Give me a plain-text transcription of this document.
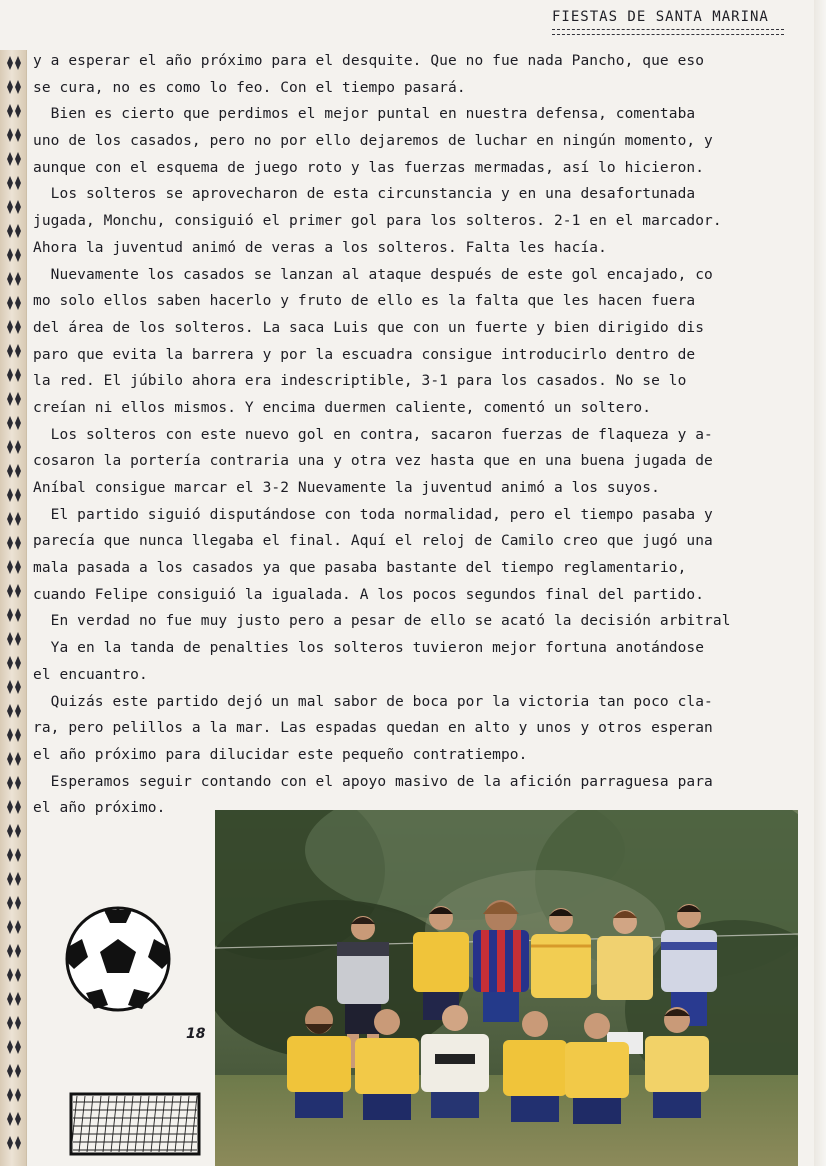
FIESTAS DE SANTA MARINA
y a esperar el año próximo para el desquite. Que no fue nada Pancho, que eso
se cura, no es como lo feo. Con el tiempo pasará.
Bien es cierto que perdimos el mejor puntal en nuestra defensa, comentaba
uno de los casados, pero no por ello dejaremos de luchar en ningún momento, y
aunque con el esquema de juego roto y las fuerzas mermadas, así lo hicieron.
Los solteros se aprovecharon de esta circunstancia y en una desafortunada
jugada, Monchu, consiguió el primer gol para los solteros. 2-1 en el marcador.
Ahora la juventud animó de veras a los solteros. Falta les hacía.
Nuevamente los casados se lanzan al ataque después de este gol encajado, co
mo solo ellos saben hacerlo y fruto de ello es la falta que les hacen fuera
del área de los solteros. La saca Luis que con un fuerte y bien dirigido dis
paro que evita la barrera y por la escuadra consigue introducirlo dentro de
la red. El júbilo ahora era indescriptible, 3-1 para los casados. No se lo
creían ni ellos mismos. Y encima duermen caliente, comentó un soltero.
Los solteros con este nuevo gol en contra, sacaron fuerzas de flaqueza y a-
cosaron la portería contraria una y otra vez hasta que en una buena jugada de
Aníbal consigue marcar el 3-2 Nuevamente la juventud animó a los suyos.
El partido siguió disputándose con toda normalidad, pero el tiempo pasaba y
parecía que nunca llegaba el final. Aquí el reloj de Camilo creo que jugó una
mala pasada a los casados ya que pasaba bastante del tiempo reglamentario,
cuando Felipe consiguió la igualada. A los pocos segundos final del partido.
En verdad no fue muy justo pero a pesar de ello se acató la decisión arbitral
Ya en la tanda de penalties los solteros tuvieron mejor fortuna anotándose
el encuantro.
Quizás este partido dejó un mal sabor de boca por la victoria tan poco cla-
ra, pero pelillos a la mar. Las espadas quedan en alto y unos y otros esperan
el año próximo para dilucidar este pequeño contratiempo.
Esperamos seguir contando con el apoyo masivo de la afición parraguesa para
el año próximo.
18
